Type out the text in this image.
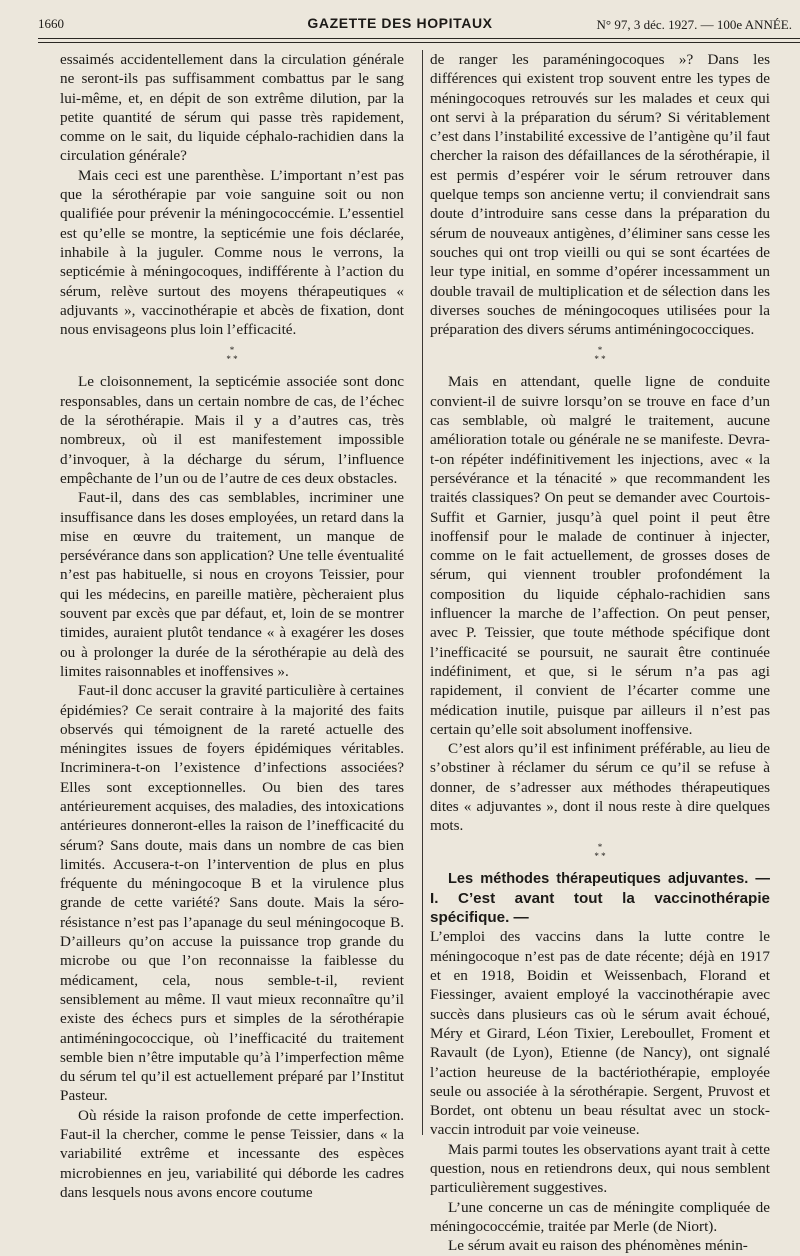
1660	GAZETTE DES HOPITAUX	N° 97, 3 déc. 1927. — 100e ANNÉE.

essaimés accidentellement dans la circulation générale ne seront-ils pas suffisamment combattus par le sang lui-même, et, en dépit de son extrême dilution, par la petite quantité de sérum qui passe très rapidement, comme on le sait, du liquide céphalo-rachidien dans la circulation générale?

Mais ceci est une parenthèse. L’important n’est pas que la sérothérapie par voie sanguine soit ou non qualifiée pour prévenir la méningococcémie. L’essentiel est qu’elle se montre, la septicémie une fois déclarée, inhabile à la juguler. Comme nous le verrons, la septicémie à méningocoques, indifférente à l’action du sérum, relève surtout des moyens thérapeutiques « adjuvants », vaccinothérapie et abcès de fixation, dont nous envisageons plus loin l’efficacité.

*
* *

Le cloisonnement, la septicémie associée sont donc responsables, dans un certain nombre de cas, de l’échec de la sérothérapie. Mais il y a d’autres cas, très nombreux, où il est manifestement impossible d’invoquer, à la décharge du sérum, l’influence empêchante de l’un ou de l’autre de ces deux obstacles.

Faut-il, dans des cas semblables, incriminer une insuffisance dans les doses employées, un retard dans la mise en œuvre du traitement, un manque de persévérance dans son application? Une telle éventualité n’est pas habituelle, si nous en croyons Teissier, pour qui les médecins, en pareille matière, pècheraient plus souvent par excès que par défaut, et, loin de se montrer timides, auraient plutôt tendance « à exagérer les doses ou à prolonger la durée de la sérothérapie au delà des limites raisonnables et inoffensives ».

Faut-il donc accuser la gravité particulière à certaines épidémies? Ce serait contraire à la majorité des faits observés qui témoignent de la rareté actuelle des méningites issues de foyers épidémiques véritables. Incriminera-t-on l’existence d’infections associées? Elles sont exceptionnelles. Ou bien des tares antérieurement acquises, des maladies, des intoxications antérieures donneront-elles la raison de l’inefficacité du sérum? Sans doute, mais dans un nombre de cas bien limités. Accusera-t-on l’intervention de plus en plus fréquente du méningocoque B et la virulence plus grande de cette variété? Sans doute. Mais la séro-résistance n’est pas l’apanage du seul méningocoque B. D’ailleurs qu’on accuse la puissance trop grande du microbe ou que l’on reconnaisse la faiblesse du médicament, cela, nous semble-t-il, revient sensiblement au même. Il vaut mieux reconnaître qu’il existe des échecs purs et simples de la sérothérapie antiméningococcique, où l’inefficacité du traitement semble bien n’être imputable qu’à l’imperfection même du sérum tel qu’il est actuellement préparé par l’Institut Pasteur.

Où réside la raison profonde de cette imperfection. Faut-il la chercher, comme le pense Teissier, dans « la variabilité extrême et incessante des espèces microbiennes en jeu, variabilité qui déborde les cadres dans lesquels nous avons encore coutume

de ranger les paraméningocoques »? Dans les différences qui existent trop souvent entre les types de méningocoques retrouvés sur les malades et ceux qui ont servi à la préparation du sérum? Si véritablement c’est dans l’instabilité excessive de l’antigène qu’il faut chercher la raison des défaillances de la sérothérapie, il est permis d’espérer voir le sérum retrouver dans quelque temps son ancienne vertu; il conviendrait sans doute d’introduire sans cesse dans la préparation du sérum de nouveaux antigènes, d’éliminer sans cesse les souches qui ont trop vieilli ou qui se sont écartées de leur type initial, en somme d’opérer incessamment un double travail de multiplication et de sélection dans les diverses souches de méningocoques utilisées pour la préparation des divers sérums antiméningococciques.

*
* *

Mais en attendant, quelle ligne de conduite convient-il de suivre lorsqu’on se trouve en face d’un cas semblable, où malgré le traitement, aucune amélioration totale ou générale ne se manifeste. Devra-t-on répéter indéfinitivement les injections, avec « la persévérance et la ténacité » que recommandent les traités classiques? On peut se demander avec Courtois-Suffit et Garnier, jusqu’à quel point il peut être inoffensif pour le malade de continuer à injecter, comme on le fait actuellement, de grosses doses de sérum, qui viennent troubler profondément la composition du liquide céphalo-rachidien sans influencer la marche de l’affection. On peut penser, avec P. Teissier, que toute méthode spécifique dont l’inefficacité se poursuit, ne saurait être continuée indéfiniment, et que, si le sérum n’a pas agi rapidement, il convient de l’écarter comme une médication inutile, puisque par ailleurs il n’est pas certain qu’elle soit absolument inoffensive.

C’est alors qu’il est infiniment préférable, au lieu de s’obstiner à réclamer du sérum ce qu’il se refuse à donner, de s’adresser aux méthodes thérapeutiques dites « adjuvantes », dont il nous reste à dire quelques mots.

*
* *

Les méthodes thérapeutiques adjuvantes. — I. C’est avant tout la vaccinothérapie spécifique. —

L’emploi des vaccins dans la lutte contre le méningocoque n’est pas de date récente; déjà en 1917 et en 1918, Boidin et Weissenbach, Florand et Fiessinger, avaient employé la vaccinothérapie avec succès dans plusieurs cas où le sérum avait échoué, Méry et Girard, Léon Tixier, Lereboullet, Froment et Ravault (de Lyon), Etienne (de Nancy), ont signalé l’action heureuse de la bactériothérapie, employée seule ou associée à la sérothérapie. Sergent, Pruvost et Bordet, ont obtenu un beau résultat avec un stock-vaccin introduit par voie veineuse.

Mais parmi toutes les observations ayant trait à cette question, nous en retiendrons deux, qui nous semblent particulièrement suggestives.

L’une concerne un cas de méningite compliquée de méningococcémie, traitée par Merle (de Niort).

Le sérum avait eu raison des phénomènes ménin-
